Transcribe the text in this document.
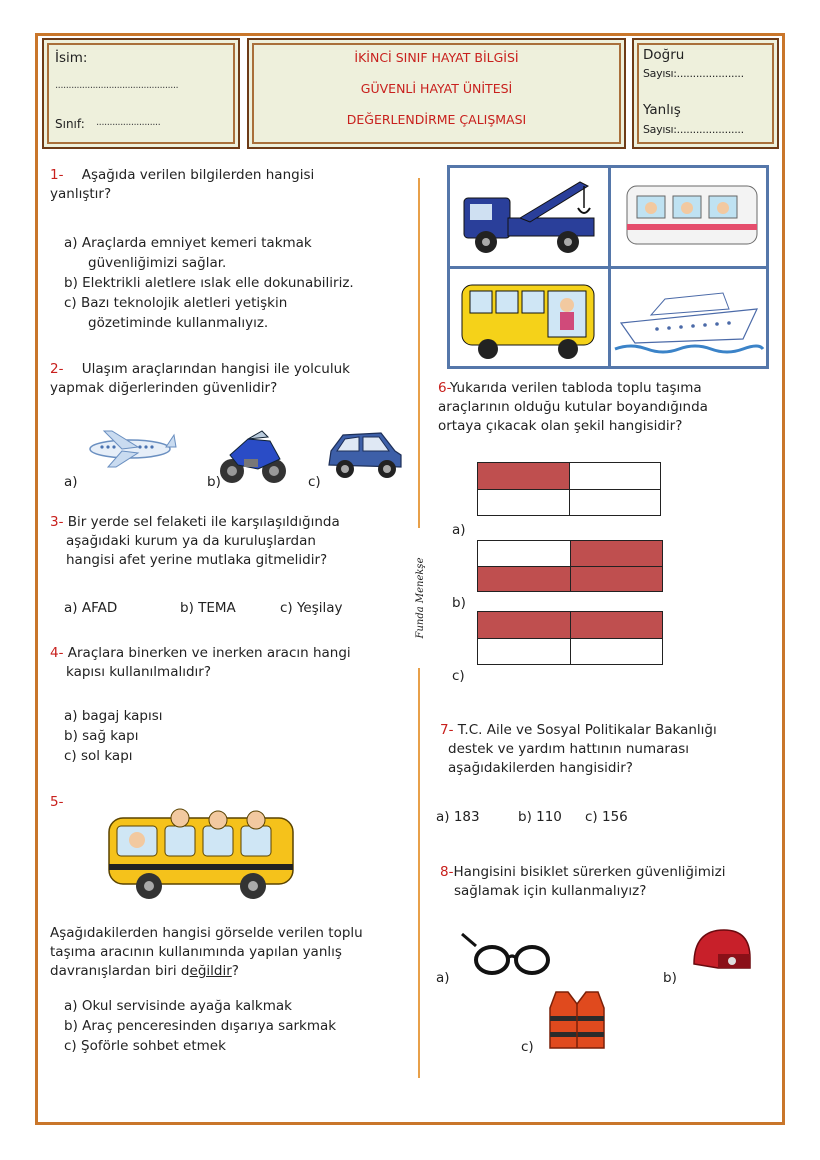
İsim:
..............................................
Sınıf: ........................
İKİNCİ SINIF HAYAT BİLGİSİ
GÜVENLİ HAYAT ÜNİTESİ
DEĞERLENDİRME ÇALIŞMASI
Doğru
Sayısı:.....................
Yanlış
Sayısı:.....................
Funda Menekşe
1- Aşağıda verilen bilgilerden hangisi
yanlıştır?
a) Araçlarda emniyet kemeri takmak
güvenliğimizi sağlar.
b) Elektrikli aletlere ıslak elle dokunabiliriz.
c) Bazı teknolojik aletleri yetişkin
gözetiminde kullanmalıyız.
2- Ulaşım araçlarından hangisi ile yolculuk
yapmak diğerlerinden güvenlidir?
a)	b)	c)
3- Bir yerde sel felaketi ile karşılaşıldığında
aşağıdaki kurum ya da kuruluşlardan
hangisi afet yerine mutlaka gitmelidir?
a) AFAD	b) TEMA	c) Yeşilay
4- Araçlara binerken ve inerken aracın hangi
kapısı kullanılmalıdır?
a) bagaj kapısı
b) sağ kapı
c) sol kapı
5-
Aşağıdakilerden hangisi görselde verilen toplu
taşıma aracının kullanımında yapılan yanlış
davranışlardan biri değildir?
a) Okul servisinde ayağa kalkmak
b) Araç penceresinden dışarıya sarkmak
c) Şoförle sohbet etmek
6-Yukarıda verilen tabloda toplu taşıma
araçlarının olduğu kutular boyandığında
ortaya çıkacak olan şekil hangisidir?
a)
b)
c)
7- T.C. Aile ve Sosyal Politikalar Bakanlığı
destek ve yardım hattının numarası
aşağıdakilerden hangisidir?
a) 183	b) 110 c) 156
8-Hangisini bisiklet sürerken güvenliğimizi
sağlamak için kullanmalıyız?
a)	b)
c)
